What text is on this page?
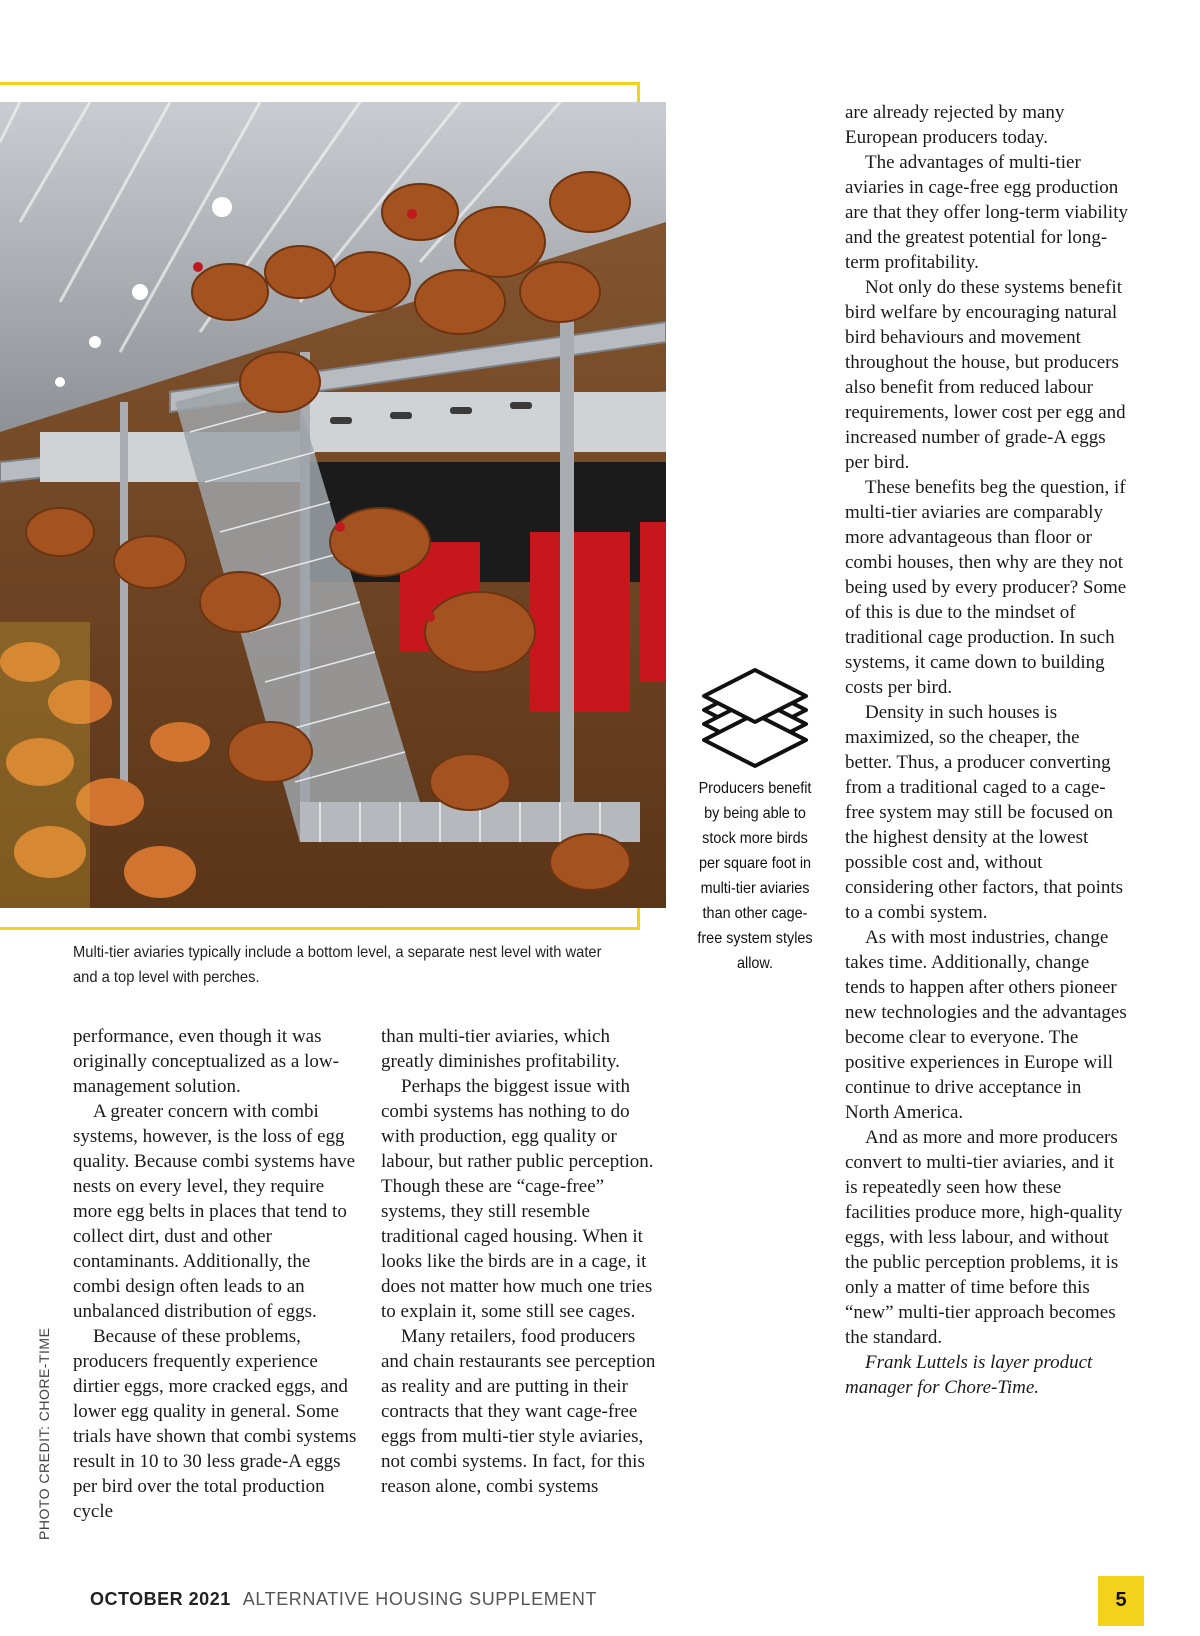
Multi-tier aviaries typically include a bottom level, a separate nest level with water and a top level with perches.
PHOTO CREDIT: CHORE-TIME

performance, even though it was originally conceptualized as a low-management solution.

A greater concern with combi systems, however, is the loss of egg quality. Because combi systems have nests on every level, they require more egg belts in places that tend to collect dirt, dust and other contaminants. Additionally, the combi design often leads to an unbalanced distribution of eggs.

Because of these problems, producers frequently experience dirtier eggs, more cracked eggs, and lower egg quality in general. Some trials have shown that combi systems result in 10 to 30 less grade-A eggs per bird over the total production cycle

than multi-tier aviaries, which greatly diminishes profitability.

Perhaps the biggest issue with combi systems has nothing to do with production, egg quality or labour, but rather public perception. Though these are “cage-free” systems, they still resemble traditional caged housing. When it looks like the birds are in a cage, it does not matter how much one tries to explain it, some still see cages.

Many retailers, food producers and chain restaurants see perception as reality and are putting in their contracts that they want cage-free eggs from multi-tier style aviaries, not combi systems. In fact, for this reason alone, combi systems

Producers benefit by being able to stock more birds per square foot in multi-tier aviaries than other cage-free system styles allow.

are already rejected by many European producers today.

The advantages of multi-tier aviaries in cage-free egg production are that they offer long-term viability and the greatest potential for long-term profitability.

Not only do these systems benefit bird welfare by encouraging natural bird behaviours and movement throughout the house, but producers also benefit from reduced labour requirements, lower cost per egg and increased number of grade-A eggs per bird.

These benefits beg the question, if multi-tier aviaries are comparably more advantageous than floor or combi houses, then why are they not being used by every producer? Some of this is due to the mindset of traditional cage production. In such systems, it came down to building costs per bird.

Density in such houses is maximized, so the cheaper, the better. Thus, a producer converting from a traditional caged to a cage-free system may still be focused on the highest density at the lowest possible cost and, without considering other factors, that points to a combi system.

As with most industries, change takes time. Additionally, change tends to happen after others pioneer new technologies and the advantages become clear to everyone. The positive experiences in Europe will continue to drive acceptance in North America.

And as more and more producers convert to multi-tier aviaries, and it is repeatedly seen how these facilities produce more, high-quality eggs, with less labour, and without the public perception problems, it is only a matter of time before this “new” multi-tier approach becomes the standard.

Frank Luttels is layer product manager for Chore-Time.

OCTOBER 2021 ALTERNATIVE HOUSING SUPPLEMENT	5
